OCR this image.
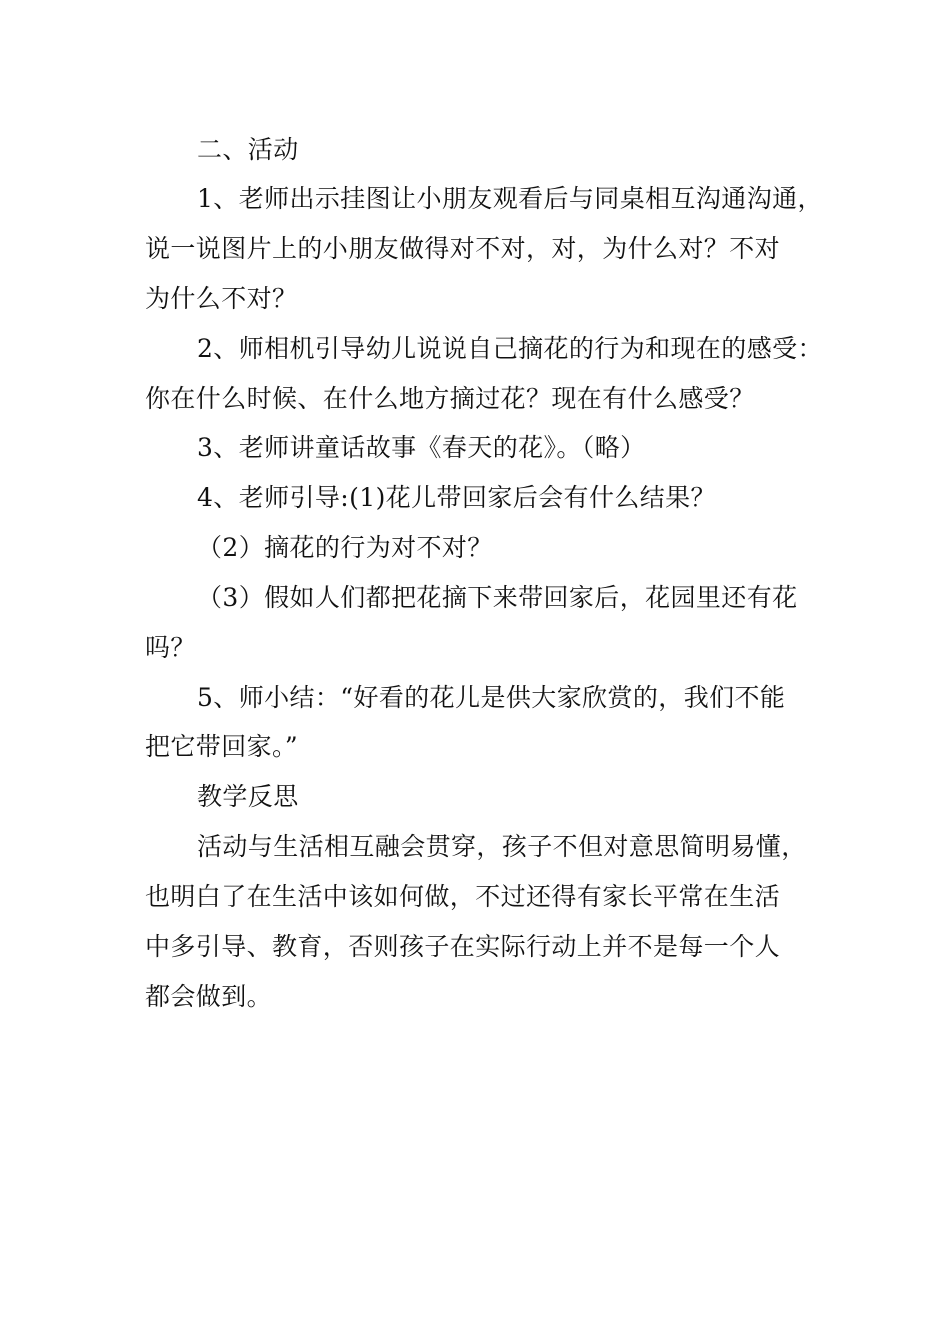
二、活动
1、老师出示挂图让小朋友观看后与同桌相互沟通沟通，
说一说图片上的小朋友做得对不对，对，为什么对？不对
为什么不对？
2、师相机引导幼儿说说自己摘花的行为和现在的感受：
你在什么时候、在什么地方摘过花？现在有什么感受？
3、老师讲童话故事《春天的花》。（略）
4、老师引导:(1)花儿带回家后会有什么结果？
（2）摘花的行为对不对？
（3）假如人们都把花摘下来带回家后，花园里还有花
吗？
5、师小结：“好看的花儿是供大家欣赏的，我们不能
把它带回家。”
教学反思
活动与生活相互融会贯穿，孩子不但对意思简明易懂，
也明白了在生活中该如何做，不过还得有家长平常在生活
中多引导、教育，否则孩子在实际行动上并不是每一个人
都会做到。
